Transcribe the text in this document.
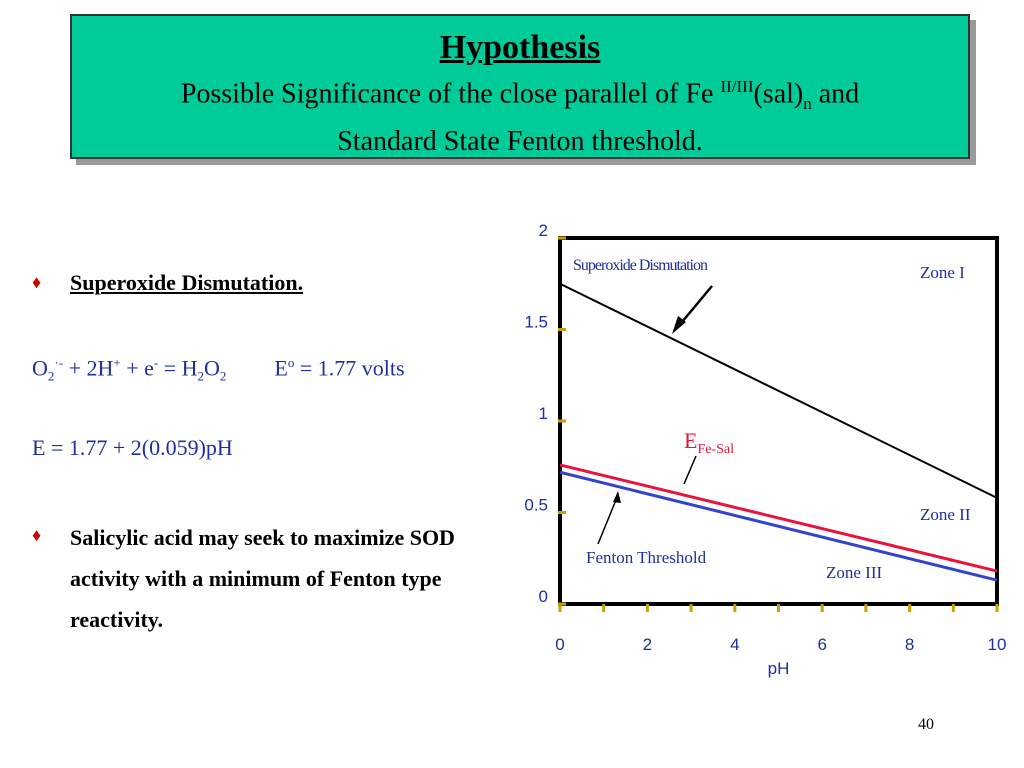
Hypothesis
Possible Significance of the close parallel of Fe $^{II/III}(sal)_n$ and
Standard State Fenton threshold.
♦ Superoxide Dismutation.
$O_2^{\cdot-} + 2H^+ + e^- = H_2O_2$ $E^o = 1.77$ volts
E = 1.77 + 2(0.059)pH
♦ Salicylic acid may seek to maximize SOD activity with a minimum of Fenton type reactivity.
0	2	4	6	8	10
0
0.5
1
1.5
2
pH
Superoxide Dismutation	Zone I
Zone II
Zone III
Fenton Threshold
$E_{Fe-Sal}$
40
